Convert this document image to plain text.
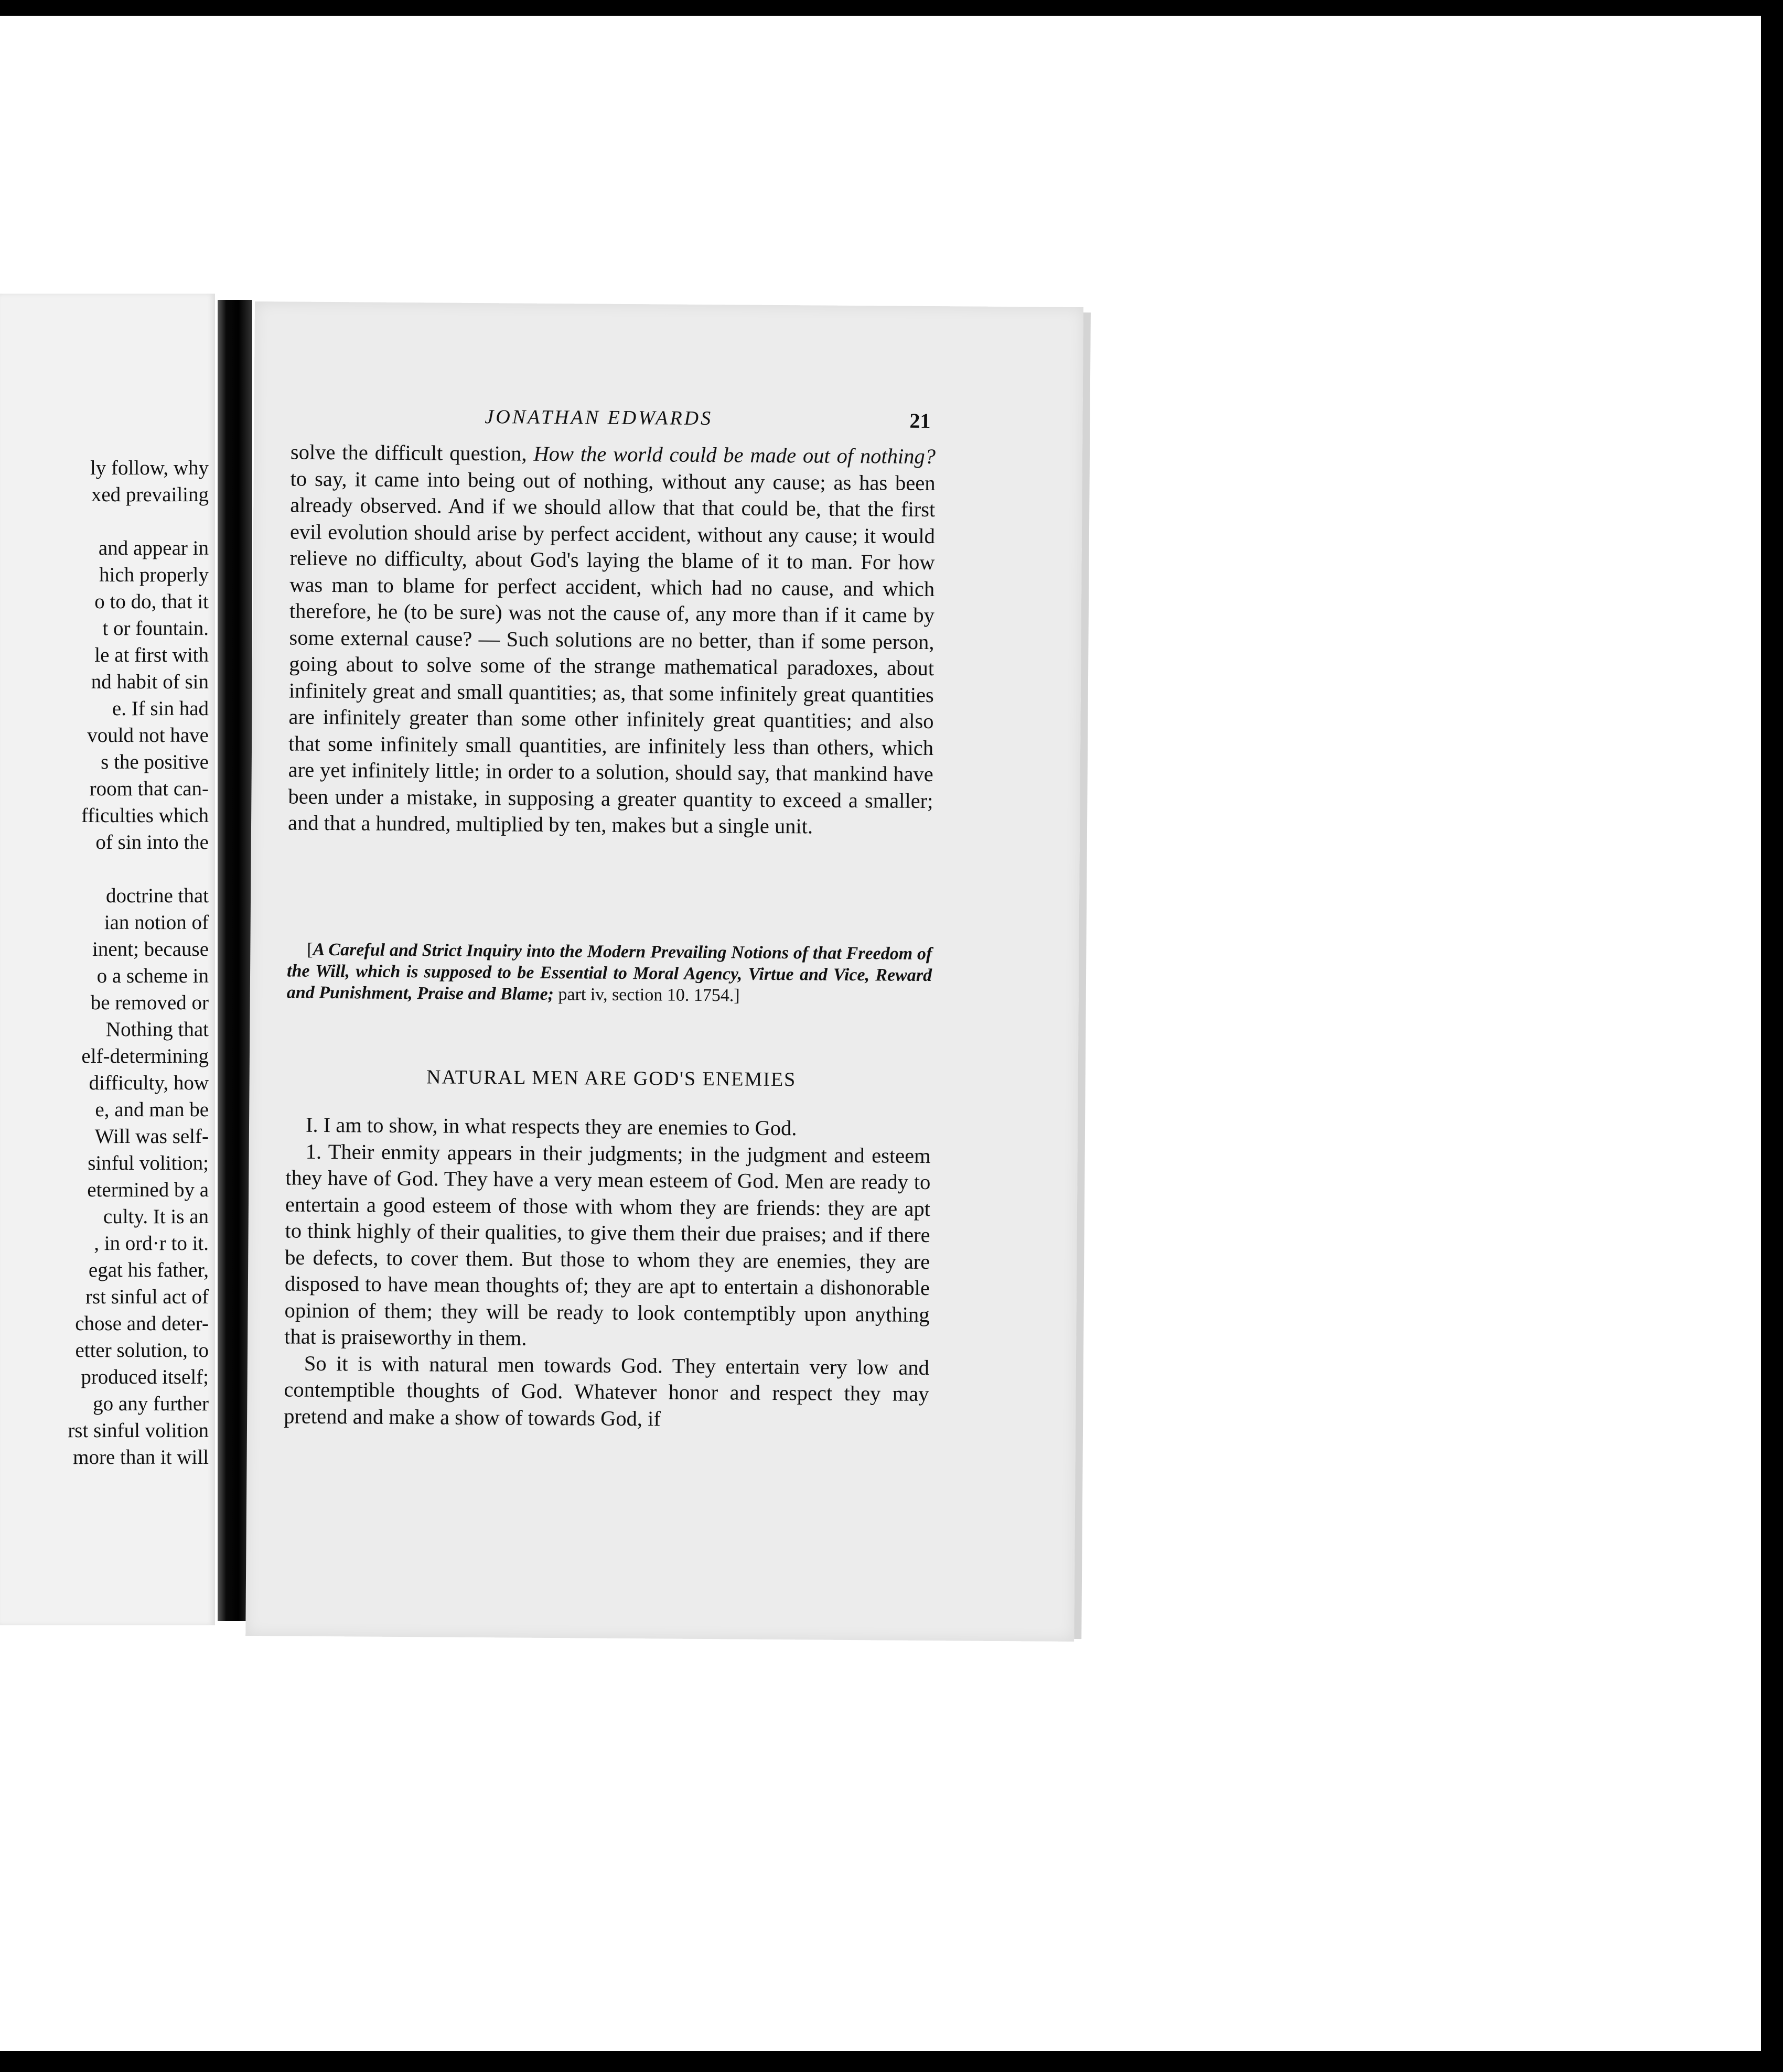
ly follow, why
xed prevailing
and appear in
hich properly
o to do, that it
t or fountain.
le at first with
nd habit of sin
e. If sin had
vould not have
s the positive
room that can-
fficulties which
of sin into the
doctrine that
ian notion of
inent; because
o a scheme in
be removed or
Nothing that
elf-determining
difficulty, how
e, and man be
Will was self-
sinful volition;
etermined by a
culty. It is an
, in ord·r to it.
egat his father,
rst sinful act of
chose and deter-
etter solution, to
produced itself;
go any further
rst sinful volition
more than it will
JONATHAN EDWARDS	21

solve the difficult question, How the world could be made out of nothing? to say, it came into being out of nothing, without any cause; as has been already observed. And if we should allow that that could be, that the first evil evolution should arise by perfect accident, without any cause; it would relieve no difficulty, about God's laying the blame of it to man. For how was man to blame for perfect accident, which had no cause, and which therefore, he (to be sure) was not the cause of, any more than if it came by some external cause? — Such solutions are no better, than if some person, going about to solve some of the strange mathematical paradoxes, about infinitely great and small quantities; as, that some infinitely great quantities are infinitely greater than some other infinitely great quantities; and also that some infinitely small quantities, are infinitely less than others, which are yet infinitely little; in order to a solution, should say, that mankind have been under a mistake, in supposing a greater quantity to exceed a smaller; and that a hundred, multiplied by ten, makes but a single unit.

[A Careful and Strict Inquiry into the Modern Prevailing Notions of that Freedom of the Will, which is supposed to be Essential to Moral Agency, Virtue and Vice, Reward and Punishment, Praise and Blame; part iv, section 10. 1754.]
NATURAL MEN ARE GOD'S ENEMIES

I. I am to show, in what respects they are enemies to God.

1. Their enmity appears in their judgments; in the judgment and esteem they have of God. They have a very mean esteem of God. Men are ready to entertain a good esteem of those with whom they are friends: they are apt to think highly of their qualities, to give them their due praises; and if there be defects, to cover them. But those to whom they are enemies, they are disposed to have mean thoughts of; they are apt to entertain a dishonorable opinion of them; they will be ready to look contemptibly upon anything that is praiseworthy in them.

So it is with natural men towards God. They entertain very low and contemptible thoughts of God. Whatever honor and respect they may pretend and make a show of towards God, if
